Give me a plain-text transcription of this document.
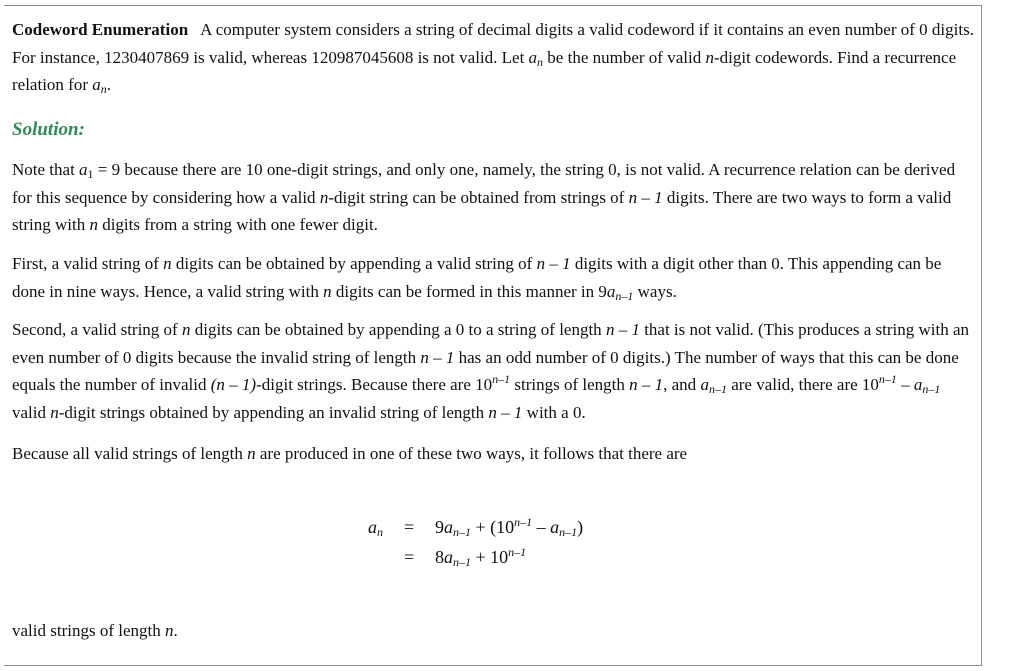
Codeword Enumeration A computer system considers a string of decimal digits a valid codeword if it contains an even number of 0 digits. For instance, 1230407869 is valid, whereas 120987045608 is not valid. Let $a_n$ be the number of valid n-digit codewords. Find a recurrence relation for $a_n$.

Solution:

Note that $a_1 = 9$ because there are 10 one-digit strings, and only one, namely, the string 0, is not valid. A recurrence relation can be derived for this sequence by considering how a valid n-digit string can be obtained from strings of n – 1 digits. There are two ways to form a valid string with n digits from a string with one fewer digit.

First, a valid string of n digits can be obtained by appending a valid string of n – 1 digits with a digit other than 0. This appending can be done in nine ways. Hence, a valid string with n digits can be formed in this manner in $9a_{n-1}$ ways.

Second, a valid string of n digits can be obtained by appending a 0 to a string of length n – 1 that is not valid. (This produces a string with an even number of 0 digits because the invalid string of length n – 1 has an odd number of 0 digits.) The number of ways that this can be done equals the number of invalid (n – 1)-digit strings. Because there are 10$^{n-1}$ strings of length n – 1, and $a_{n-1}$ are valid, there are $10^{n-1} - a_{n-1}$ valid n-digit strings obtained by appending an invalid string of length n – 1 with a 0.

Because all valid strings of length n are produced in one of these two ways, it follows that there are

$a_n = 9a_{n-1} + (10^{n-1} - a_{n-1})$
= $8a_{n-1} + 10^{n-1}$

valid strings of length n.
